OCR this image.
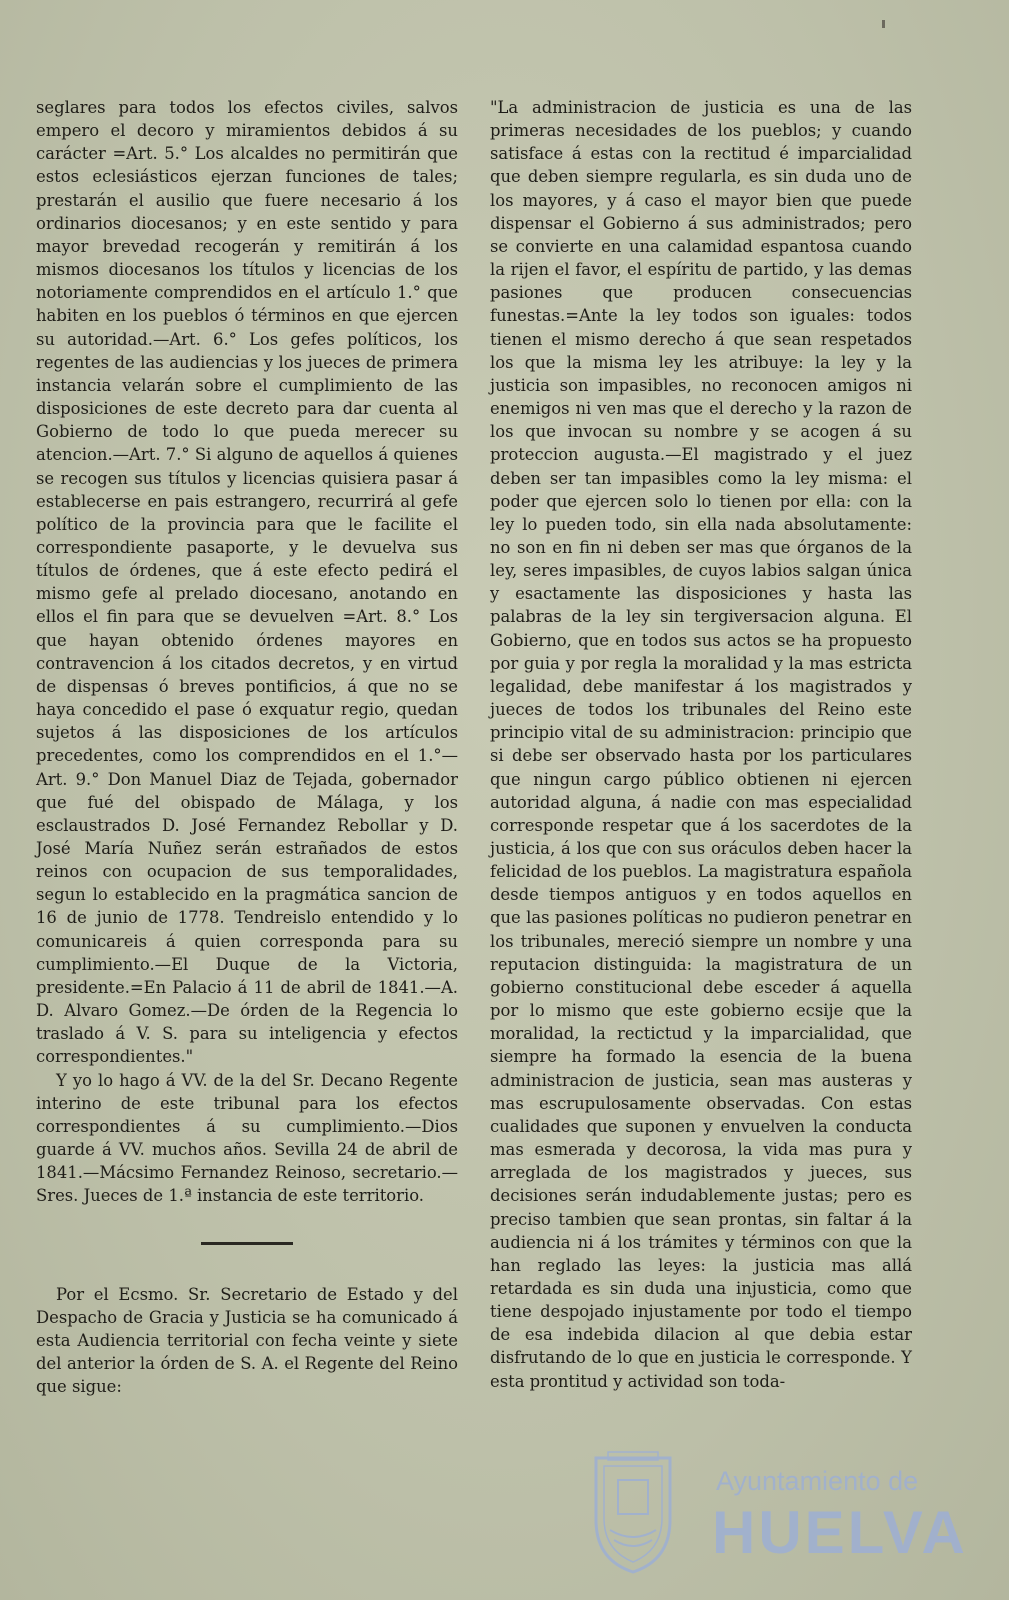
seglares para todos los efectos civiles, salvos empero el decoro y miramientos debidos á su carácter =Art. 5.° Los alcaldes no permitirán que estos eclesiásticos ejerzan funciones de tales; prestarán el ausilio que fuere necesario á los ordinarios diocesanos; y en este sentido y para mayor brevedad recogerán y remitirán á los mismos diocesanos los títulos y licencias de los notoriamente comprendidos en el artículo 1.° que habiten en los pueblos ó términos en que ejercen su autoridad.—Art. 6.° Los gefes políticos, los regentes de las audiencias y los jueces de primera instancia velarán sobre el cumplimiento de las disposiciones de este decreto para dar cuenta al Gobierno de todo lo que pueda merecer su atencion.—Art. 7.° Si alguno de aquellos á quienes se recogen sus títulos y licencias quisiera pasar á establecerse en pais estrangero, recurrirá al gefe político de la provincia para que le facilite el correspondiente pasaporte, y le devuelva sus títulos de órdenes, que á este efecto pedirá el mismo gefe al prelado diocesano, anotando en ellos el fin para que se devuelven =Art. 8.° Los que hayan obtenido órdenes mayores en contravencion á los citados decretos, y en virtud de dispensas ó breves pontificios, á que no se haya concedido el pase ó exquatur regio, quedan sujetos á las disposiciones de los artículos precedentes, como los comprendidos en el 1.°—Art. 9.° Don Manuel Diaz de Tejada, gobernador que fué del obispado de Málaga, y los esclaustrados D. José Fernandez Rebollar y D. José María Nuñez serán estrañados de estos reinos con ocupacion de sus temporalidades, segun lo establecido en la pragmática sancion de 16 de junio de 1778. Tendreislo entendido y lo comunicareis á quien corresponda para su cumplimiento.—El Duque de la Victoria, presidente.=En Palacio á 11 de abril de 1841.—A. D. Alvaro Gomez.—De órden de la Regencia lo traslado á V. S. para su inteligencia y efectos correspondientes."

Y yo lo hago á VV. de la del Sr. Decano Regente interino de este tribunal para los efectos correspondientes á su cumplimiento.—Dios guarde á VV. muchos años. Sevilla 24 de abril de 1841.—Mácsimo Fernandez Reinoso, secretario.—Sres. Jueces de 1.ª instancia de este territorio.

Por el Ecsmo. Sr. Secretario de Estado y del Despacho de Gracia y Justicia se ha comunicado á esta Audiencia territorial con fecha veinte y siete del anterior la órden de S. A. el Regente del Reino que sigue:

"La administracion de justicia es una de las primeras necesidades de los pueblos; y cuando satisface á estas con la rectitud é imparcialidad que deben siempre regularla, es sin duda uno de los mayores, y á caso el mayor bien que puede dispensar el Gobierno á sus administrados; pero se convierte en una calamidad espantosa cuando la rijen el favor, el espíritu de partido, y las demas pasiones que producen consecuencias funestas.=Ante la ley todos son iguales: todos tienen el mismo derecho á que sean respetados los que la misma ley les atribuye: la ley y la justicia son impasibles, no reconocen amigos ni enemigos ni ven mas que el derecho y la razon de los que invocan su nombre y se acogen á su proteccion augusta.—El magistrado y el juez deben ser tan impasibles como la ley misma: el poder que ejercen solo lo tienen por ella: con la ley lo pueden todo, sin ella nada absolutamente: no son en fin ni deben ser mas que órganos de la ley, seres impasibles, de cuyos labios salgan única y esactamente las disposiciones y hasta las palabras de la ley sin tergiversacion alguna. El Gobierno, que en todos sus actos se ha propuesto por guia y por regla la moralidad y la mas estricta legalidad, debe manifestar á los magistrados y jueces de todos los tribunales del Reino este principio vital de su administracion: principio que si debe ser observado hasta por los particulares que ningun cargo público obtienen ni ejercen autoridad alguna, á nadie con mas especialidad corresponde respetar que á los sacerdotes de la justicia, á los que con sus oráculos deben hacer la felicidad de los pueblos. La magistratura española desde tiempos antiguos y en todos aquellos en que las pasiones políticas no pudieron penetrar en los tribunales, mereció siempre un nombre y una reputacion distinguida: la magistratura de un gobierno constitucional debe esceder á aquella por lo mismo que este gobierno ecsije que la moralidad, la rectictud y la imparcialidad, que siempre ha formado la esencia de la buena administracion de justicia, sean mas austeras y mas escrupulosamente observadas. Con estas cualidades que suponen y envuelven la conducta mas esmerada y decorosa, la vida mas pura y arreglada de los magistrados y jueces, sus decisiones serán indudablemente justas; pero es preciso tambien que sean prontas, sin faltar á la audiencia ni á los trámites y términos con que la han reglado las leyes: la justicia mas allá retardada es sin duda una injusticia, como que tiene despojado injustamente por todo el tiempo de esa indebida dilacion al que debia estar disfrutando de lo que en justicia le corresponde. Y esta prontitud y actividad son toda-

Ayuntamiento de
HUELVA
